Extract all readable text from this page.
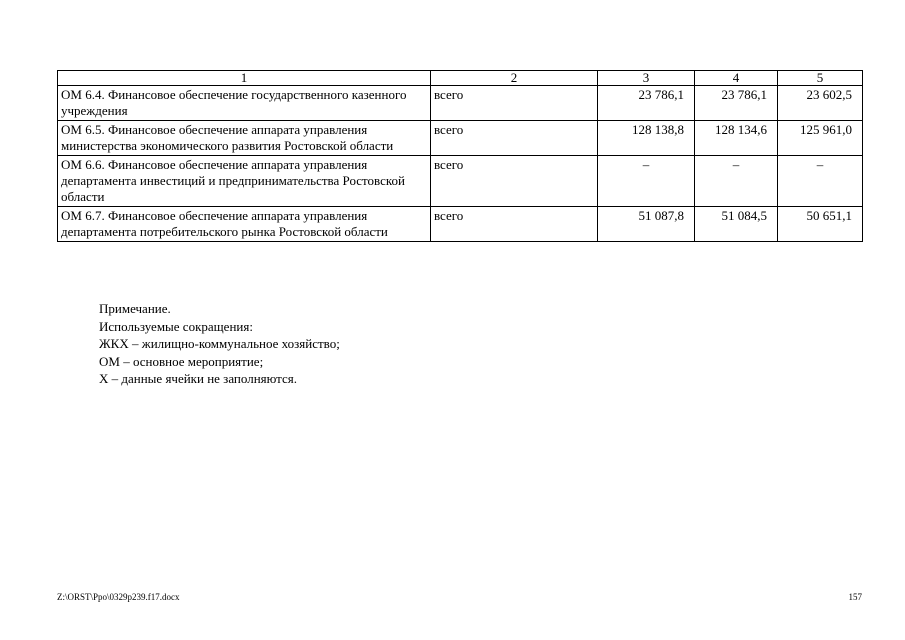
1	2	3	4	5
ОМ 6.4. Финансовое обеспечение государственного казенного учреждения	всего	23 786,1	23 786,1	23 602,5
ОМ 6.5. Финансовое обеспечение аппарата управления министерства экономического развития Ростовской области	всего	128 138,8	128 134,6	125 961,0
ОМ 6.6. Финансовое обеспечение аппарата управления департамента инвестиций и предпринимательства Ростовской области	всего	–	–	–
ОМ 6.7. Финансовое обеспечение аппарата управления департамента потребительского рынка Ростовской области	всего	51 087,8	51 084,5	50 651,1
Примечание.
Используемые сокращения:
ЖКХ – жилищно-коммунальное хозяйство;
ОМ – основное мероприятие;
Х – данные ячейки не заполняются.
Z:\ORST\Ppo\0329p239.f17.docx	157
